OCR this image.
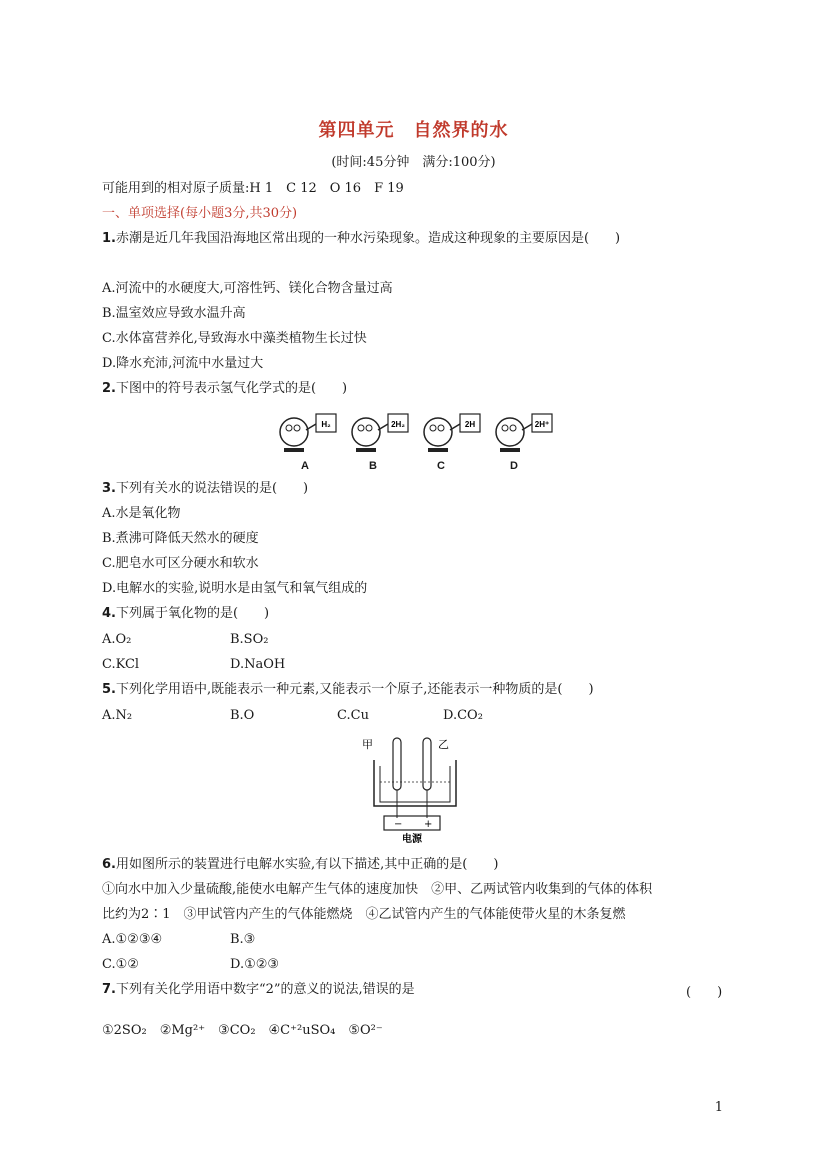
第四单元　自然界的水
(时间:45分钟　满分:100分)
可能用到的相对原子质量:H 1　C 12　O 16　F 19
一、单项选择(每小题3分,共30分)
1.赤潮是近几年我国沿海地区常出现的一种水污染现象。造成这种现象的主要原因是(　　)
A.河流中的水硬度大,可溶性钙、镁化合物含量过高
B.温室效应导致水温升高
C.水体富营养化,导致海水中藻类植物生长过快
D.降水充沛,河流中水量过大
2.下图中的符号表示氢气化学式的是(　　)
H₂	2H₂	2H	2H⁺
A	B	C	D
3.下列有关水的说法错误的是(　　)
A.水是氧化物
B.煮沸可降低天然水的硬度
C.肥皂水可区分硬水和软水
D.电解水的实验,说明水是由氢气和氧气组成的
4.下列属于氧化物的是(　　)
A.O₂	B.SO₂
C.KCl	D.NaOH
5.下列化学用语中,既能表示一种元素,又能表示一个原子,还能表示一种物质的是(　　)
A.N₂	B.O	C.Cu	D.CO₂
甲	乙
− +
电源
6.用如图所示的装置进行电解水实验,有以下描述,其中正确的是(　　)
①向水中加入少量硫酸,能使水电解产生气体的速度加快　②甲、乙两试管内收集到的气体的体积
比约为2∶1　③甲试管内产生的气体能燃烧　④乙试管内产生的气体能使带火星的木条复燃
A.①②③④	B.③
C.①②	D.①②③
7.下列有关化学用语中数字“2”的意义的说法,错误的是	(　　)
①2SO₂　②Mg²⁺　③CO₂　④C⁺²uSO₄　⑤O²⁻
1
